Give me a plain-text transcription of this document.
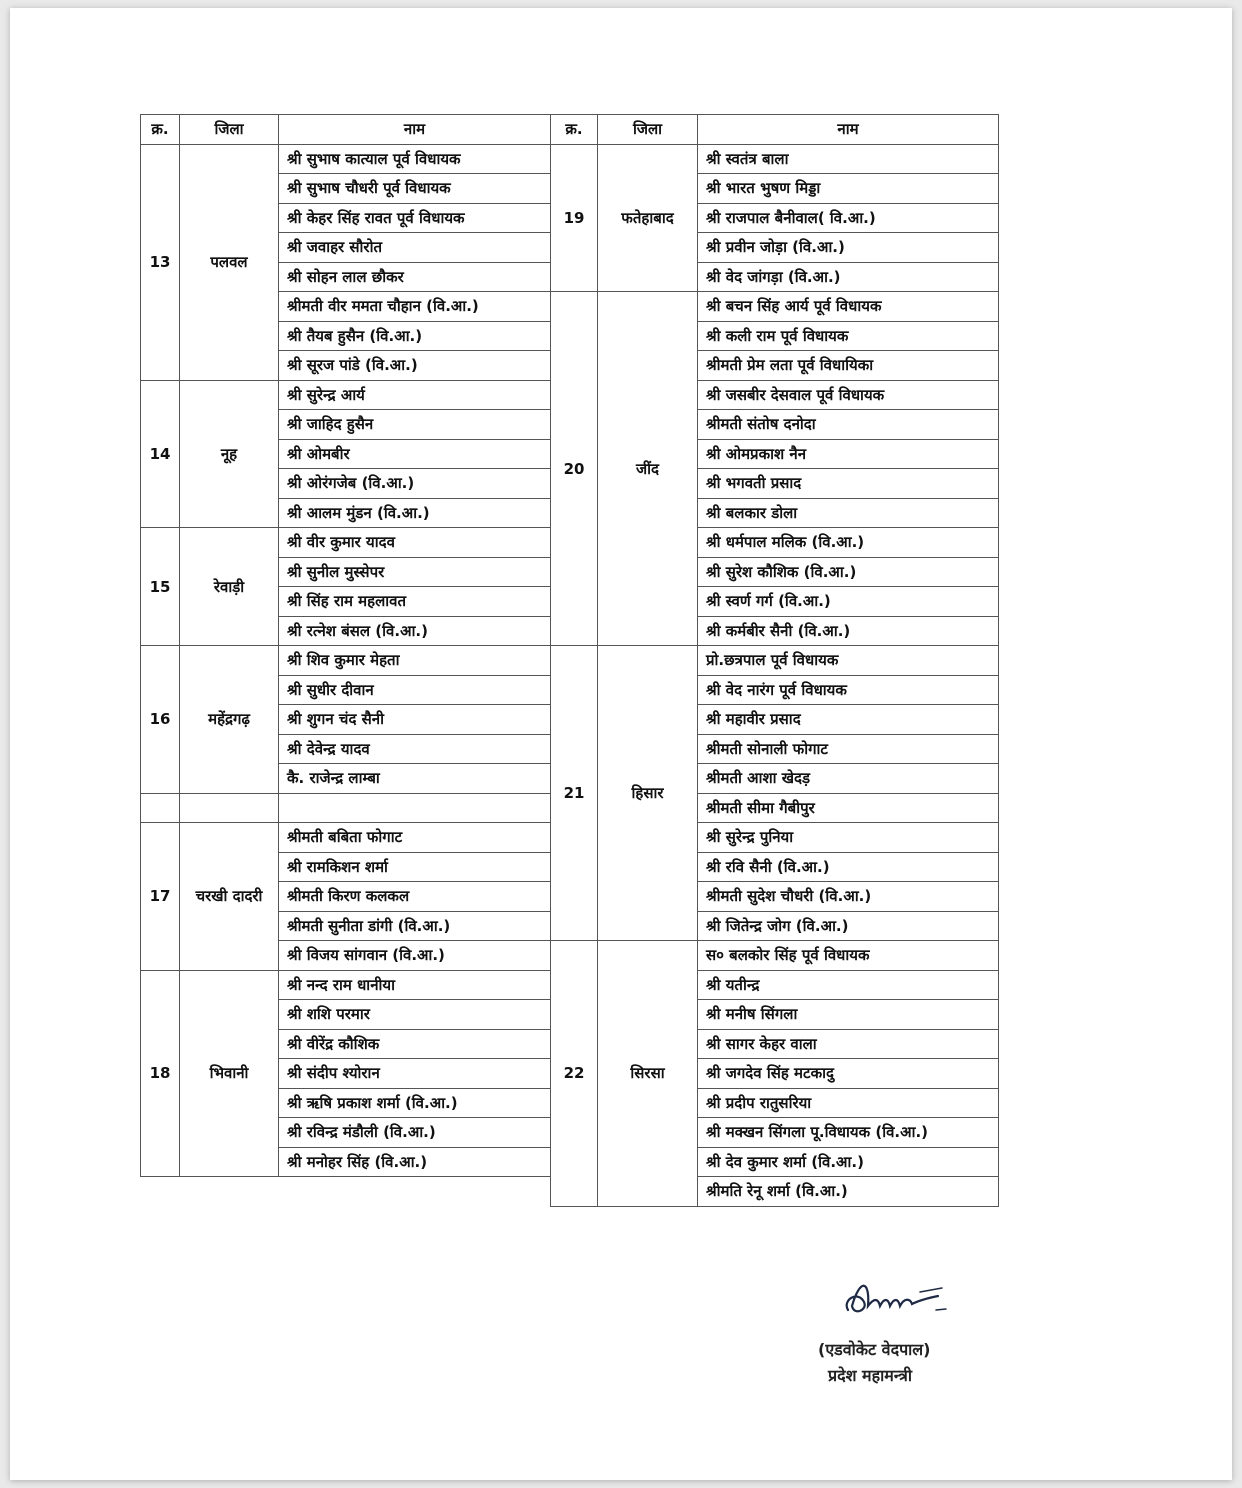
क्र.	जिला	नाम
13	पलवल	श्री सुभाष कात्याल पूर्व विधायक
		श्री सुभाष चौधरी पूर्व विधायक
		श्री केहर सिंह रावत पूर्व विधायक
		श्री जवाहर सौरोत
		श्री सोहन लाल छौकर
		श्रीमती वीर ममता चौहान (वि.आ.)
		श्री तैयब हुसैन (वि.आ.)
		श्री सूरज पांडे (वि.आ.)
14	नूह	श्री सुरेन्द्र आर्य
		श्री जाहिद हुसैन
		श्री ओमबीर
		श्री ओरंगजेब (वि.आ.)
		श्री आलम मुंडन (वि.आ.)
15	रेवाड़ी	श्री वीर कुमार यादव
		श्री सुनील मुस्सेपर
		श्री सिंह राम महलावत
		श्री रत्नेश बंसल (वि.आ.)
16	महेंद्रगढ़	श्री शिव कुमार मेहता
		श्री सुधीर दीवान
		श्री शुगन चंद सैनी
		श्री देवेन्द्र यादव
		कै. राजेन्द्र लाम्बा

17	चरखी दादरी	श्रीमती बबिता फोगाट
		श्री रामकिशन शर्मा
		श्रीमती किरण कलकल
		श्रीमती सुनीता डांगी (वि.आ.)
		श्री विजय सांगवान (वि.आ.)
18	भिवानी	श्री नन्द राम धानीया
		श्री शशि परमार
		श्री वीरेंद्र कौशिक
		श्री संदीप श्योरान
		श्री ऋषि प्रकाश शर्मा (वि.आ.)
		श्री रविन्द्र मंडौली (वि.आ.)
		श्री मनोहर सिंह (वि.आ.)
क्र.	जिला	नाम
19	फतेहाबाद	श्री स्वतंत्र बाला
		श्री भारत भुषण मिड्डा
		श्री राजपाल बैनीवाल( वि.आ.)
		श्री प्रवीन जोड़ा (वि.आ.)
		श्री वेद जांगड़ा (वि.आ.)
20	जींद	श्री बचन सिंह आर्य पूर्व विधायक
		श्री कली राम पूर्व विधायक
		श्रीमती प्रेम लता पूर्व विधायिका
		श्री जसबीर देसवाल पूर्व विधायक
		श्रीमती संतोष दनोदा
		श्री ओमप्रकाश नैन
		श्री भगवती प्रसाद
		श्री बलकार डोला
		श्री धर्मपाल मलिक (वि.आ.)
		श्री सुरेश कौशिक (वि.आ.)
		श्री स्वर्ण गर्ग (वि.आ.)
		श्री कर्मबीर सैनी (वि.आ.)
21	हिसार	प्रो.छत्रपाल पूर्व विधायक
		श्री वेद नारंग पूर्व विधायक
		श्री महावीर प्रसाद
		श्रीमती सोनाली फोगाट
		श्रीमती आशा खेदड़
		श्रीमती सीमा गैबीपुर
		श्री सुरेन्द्र पुनिया
		श्री रवि सैनी (वि.आ.)
		श्रीमती सुदेश चौधरी (वि.आ.)
		श्री जितेन्द्र जोग (वि.आ.)
22	सिरसा	स० बलकोर सिंह पूर्व विधायक
		श्री यतीन्द्र
		श्री मनीष सिंगला
		श्री सागर केहर वाला
		श्री जगदेव सिंह मटकादु
		श्री प्रदीप रातुसरिया
		श्री मक्खन सिंगला पू.विधायक (वि.आ.)
		श्री देव कुमार शर्मा (वि.आ.)
		श्रीमति रेनू शर्मा (वि.आ.)
(एडवोकेट वेदपाल)
प्रदेश महामन्त्री
